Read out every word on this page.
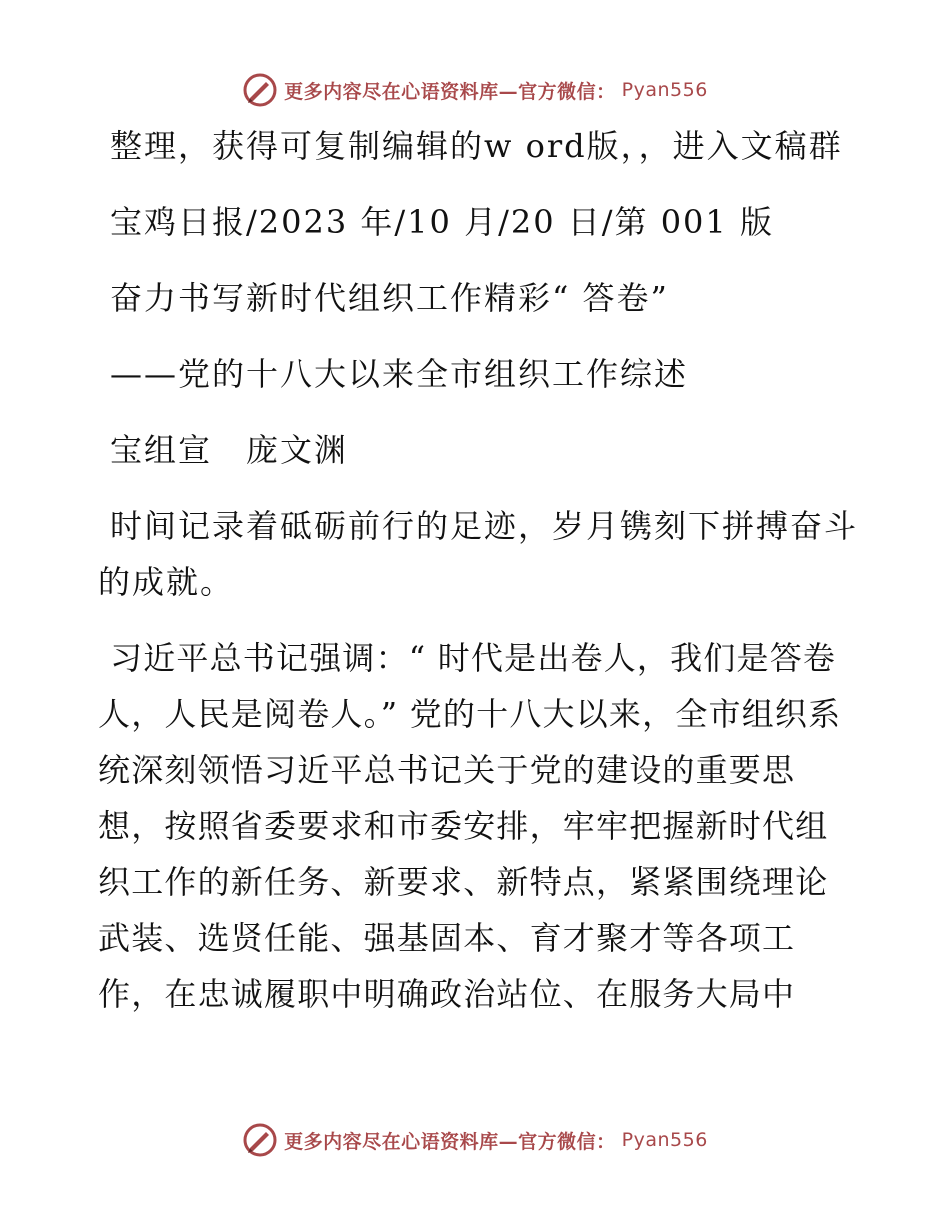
更多内容尽在心语资料库—官方微信： Pyan556

整理，获得可复制编辑的w ord版，，进入文稿群

宝鸡日报/2023 年/10 月/20 日/第 001 版

奋力书写新时代组织工作精彩“ 答卷”

——党的十八大以来全市组织工作综述

宝组宣　庞文渊

时间记录着砥砺前行的足迹，岁月镌刻下拼搏奋斗的成就。

习近平总书记强调：“ 时代是出卷人，我们是答卷人，人民是阅卷人。” 党的十八大以来，全市组织系统深刻领悟习近平总书记关于党的建设的重要思想，按照省委要求和市委安排，牢牢把握新时代组织工作的新任务、新要求、新特点，紧紧围绕理论武装、选贤任能、强基固本、育才聚才等各项工作，在忠诚履职中明确政治站位、在服务大局中

更多内容尽在心语资料库—官方微信： Pyan556
